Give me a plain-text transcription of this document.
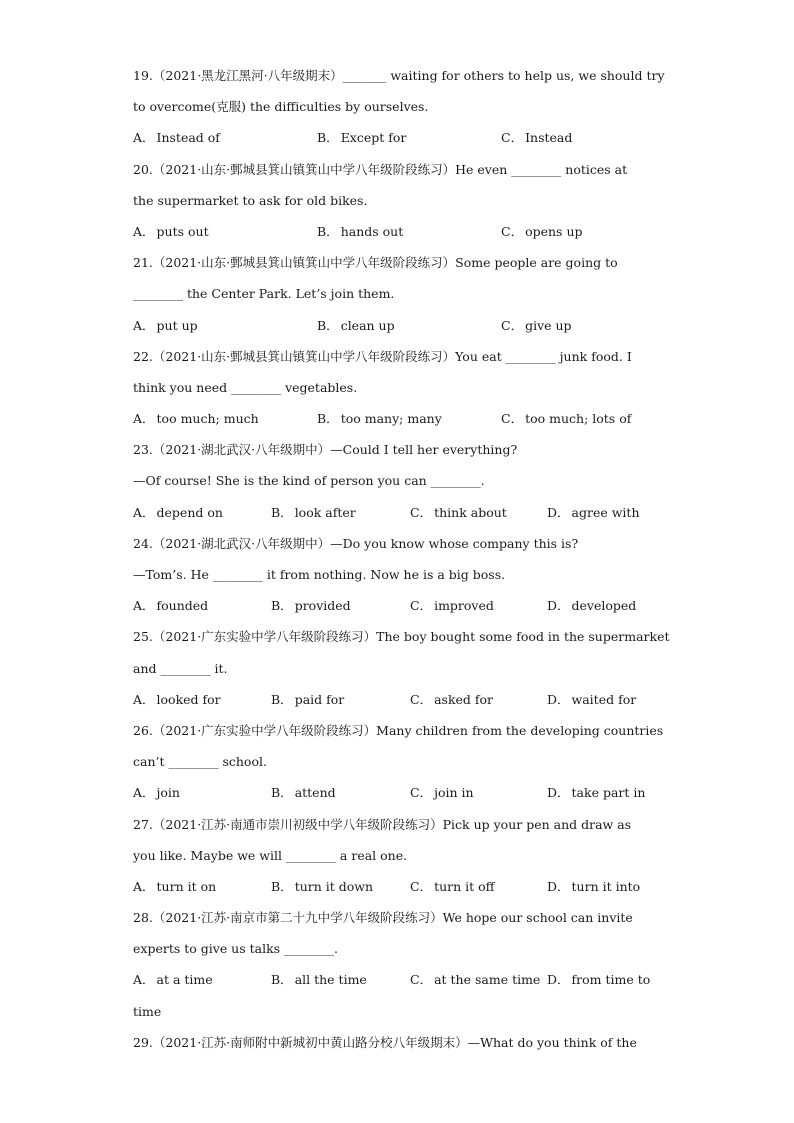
19.（2021·黑龙江黑河·八年级期末）_______ waiting for others to help us, we should try
to overcome(克服) the difficulties by ourselves.
A． Instead of	B． Except for	C． Instead
20.（2021·山东·鄄城县箕山镇箕山中学八年级阶段练习）He even ________ notices at
the supermarket to ask for old bikes.
A． puts out	B． hands out	C． opens up
21.（2021·山东·鄄城县箕山镇箕山中学八年级阶段练习）Some people are going to
________ the Center Park. Let’s join them.
A． put up	B． clean up	C． give up
22.（2021·山东·鄄城县箕山镇箕山中学八年级阶段练习）You eat ________ junk food. I
think you need ________ vegetables.
A． too much; much	B． too many; many	C． too much; lots of
23.（2021·湖北武汉·八年级期中）—Could I tell her everything?
—Of course! She is the kind of person you can ________.
A． depend on	B． look after	C． think about	D． agree with
24.（2021·湖北武汉·八年级期中）—Do you know whose company this is?
—Tom’s. He ________ it from nothing. Now he is a big boss.
A． founded	B． provided	C． improved	D． developed
25.（2021·广东实验中学八年级阶段练习）The boy bought some food in the supermarket
and ________ it.
A． looked for	B． paid for	C． asked for	D． waited for
26.（2021·广东实验中学八年级阶段练习）Many children from the developing countries
can’t ________ school.
A． join	B． attend	C． join in	D． take part in
27.（2021·江苏·南通市崇川初级中学八年级阶段练习）Pick up your pen and draw as
you like. Maybe we will ________ a real one.
A． turn it on	B． turn it down	C． turn it off	D． turn it into
28.（2021·江苏·南京市第二十九中学八年级阶段练习）We hope our school can invite
experts to give us talks ________.
A． at a time	B． all the time	C． at the same time D． from time to
time
29.（2021·江苏·南师附中新城初中黄山路分校八年级期末）—What do you think of the
